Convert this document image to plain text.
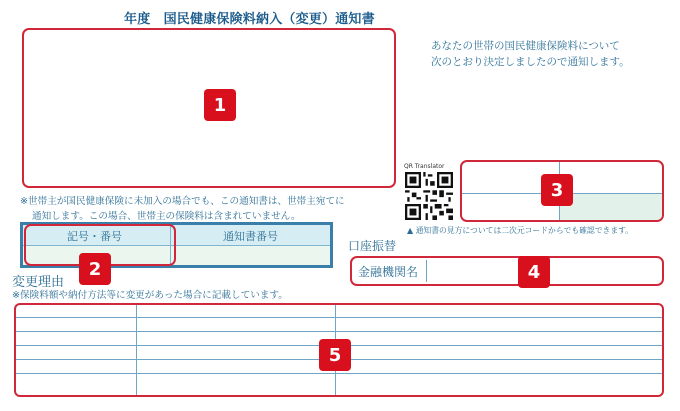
年度　国民健康保険料納入（変更）通知書
あなたの世帯の国民健康保険料について
次のとおり決定しましたので通知します。
1
※世帯主が国民健康保険に未加入の場合でも、この通知書は、世帯主宛てに
通知します。この場合、世帯主の保険料は含まれていません。
記号・番号	通知書番号
2
QR Translator
▲ 通知書の見方については二次元コードからでも確認できます。
3
口座振替
金融機関名	4
変更理由
※保険料額や納付方法等に変更があった場合に記載しています。
5
